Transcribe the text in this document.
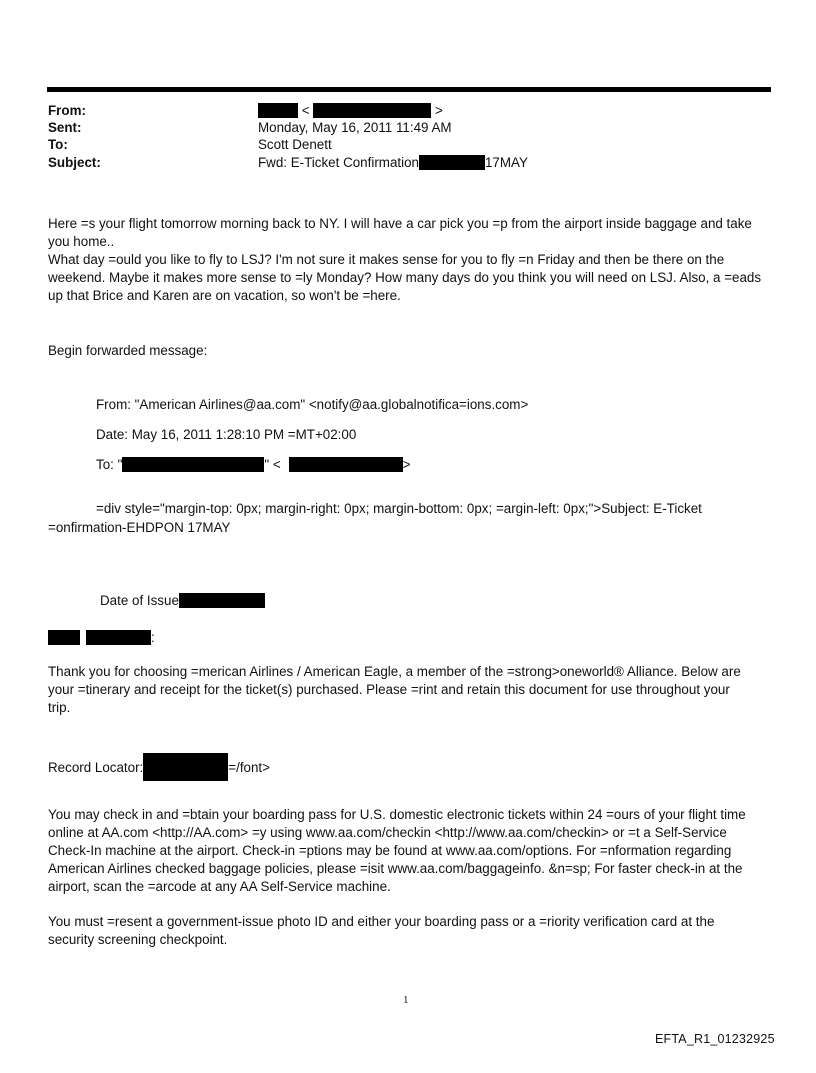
From:	<	>
Sent:	Monday, May 16, 2011 11:49 AM
To:	Scott Denett
Subject:	Fwd: E-Ticket Confirmation	17MAY
Here =s your flight tomorrow morning back to NY. I will have a car pick you =p from the airport inside baggage and take
you home..
What day =ould you like to fly to LSJ? I'm not sure it makes sense for you to fly =n Friday and then be there on the
weekend. Maybe it makes more sense to =ly Monday? How many days do you think you will need on LSJ. Also, a =eads
up that Brice and Karen are on vacation, so won't be =here.
Begin forwarded message:
From: "American Airlines@aa.com" <notify@aa.globalnotifica=ions.com>
Date: May 16, 2011 1:28:10 PM =MT+02:00
To: "	" <	>
=div style="margin-top: 0px; margin-right: 0px; margin-bottom: 0px; =argin-left: 0px;">Subject: E-Ticket
=onfirmation-EHDPON 17MAY
Date of Issue
:
Thank you for choosing =merican Airlines / American Eagle, a member of the =strong>oneworld® Alliance. Below are
your =tinerary and receipt for the ticket(s) purchased. Please =rint and retain this document for use throughout your
trip.
Record Locator:	=/font>
You may check in and =btain your boarding pass for U.S. domestic electronic tickets within 24 =ours of your flight time
online at AA.com <http://AA.com> =y using www.aa.com/checkin <http://www.aa.com/checkin> or =t a Self-Service
Check-In machine at the airport. Check-in =ptions may be found at www.aa.com/options. For =nformation regarding
American Airlines checked baggage policies, please =isit www.aa.com/baggageinfo. &n=sp; For faster check-in at the
airport, scan the =arcode at any AA Self-Service machine.
You must =resent a government-issue photo ID and either your boarding pass or a =riority verification card at the
security screening checkpoint.
1
EFTA_R1_01232925
